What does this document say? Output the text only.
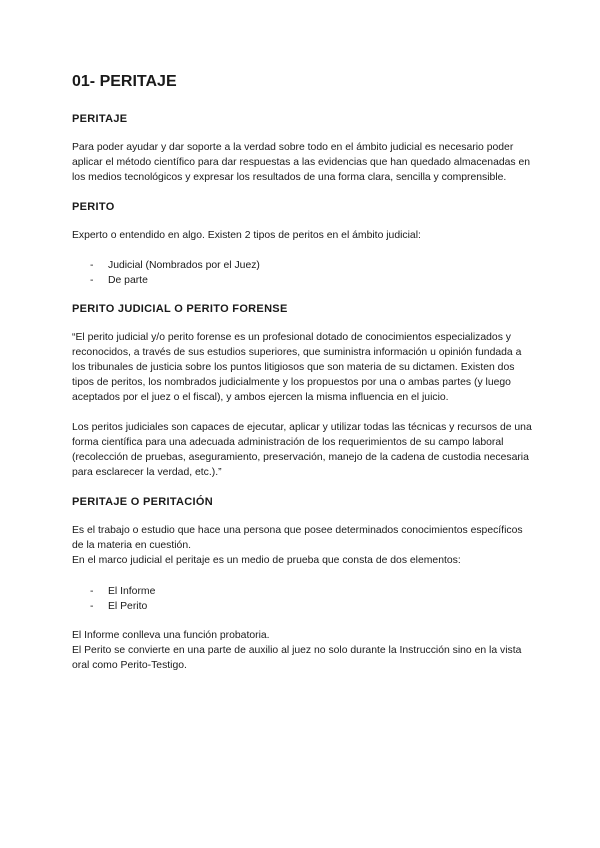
01- PERITAJE
PERITAJE

Para poder ayudar y dar soporte a la verdad sobre todo en el ámbito judicial es necesario poder aplicar el método científico para dar respuestas a las evidencias que han quedado almacenadas en los medios tecnológicos y expresar los resultados de una forma clara, sencilla y comprensible.

PERITO

Experto o entendido en algo. Existen 2 tipos de peritos en el ámbito judicial:

- Judicial (Nombrados por el Juez)
- De parte
PERITO JUDICIAL O PERITO FORENSE

“El perito judicial y/o perito forense es un profesional dotado de conocimientos especializados y reconocidos, a través de sus estudios superiores, que suministra información u opinión fundada a los tribunales de justicia sobre los puntos litigiosos que son materia de su dictamen. Existen dos tipos de peritos, los nombrados judicialmente y los propuestos por una o ambas partes (y luego aceptados por el juez o el fiscal), y ambos ejercen la misma influencia en el juicio.

Los peritos judiciales son capaces de ejecutar, aplicar y utilizar todas las técnicas y recursos de una forma científica para una adecuada administración de los requerimientos de su campo laboral (recolección de pruebas, aseguramiento, preservación, manejo de la cadena de custodia necesaria para esclarecer la verdad, etc.).”

PERITAJE O PERITACIÓN

Es el trabajo o estudio que hace una persona que posee determinados conocimientos específicos de la materia en cuestión.

En el marco judicial el peritaje es un medio de prueba que consta de dos elementos:

- El Informe
- El Perito

El Informe conlleva una función probatoria.

El Perito se convierte en una parte de auxilio al juez no solo durante la Instrucción sino en la vista oral como Perito-Testigo.
